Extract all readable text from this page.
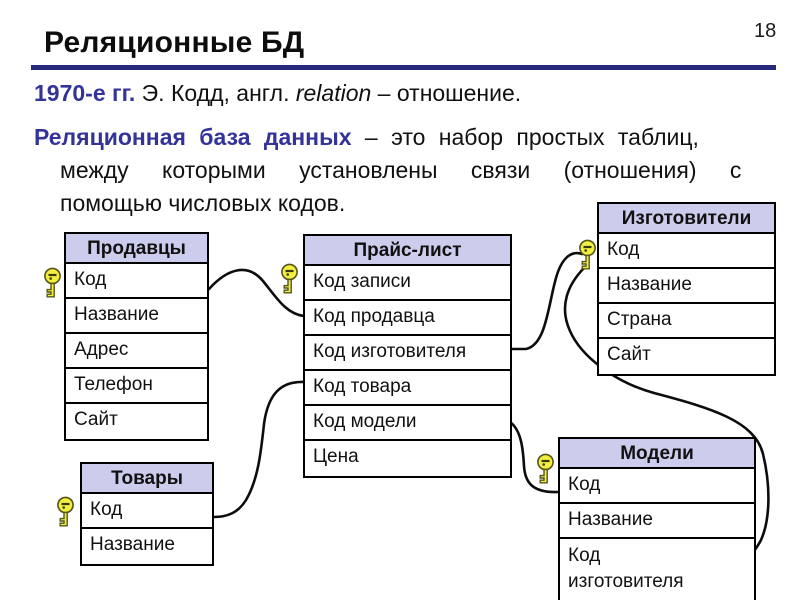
Реляционные БД	18
1970-е гг. Э. Кодд, англ. relation – отношение.
Реляционная база данных – это набор простых таблиц,
между которыми установлены связи (отношения) с
помощью числовых кодов.
Продавцы
Код
Название
Адрес
Телефон
Сайт
Прайс-лист
Код записи
Код продавца
Код изготовителя
Код товара
Код модели
Цена
Изготовители
Код
Название
Страна
Сайт
Товары
Код
Название
Модели
Код
Название
Код изготовителя
